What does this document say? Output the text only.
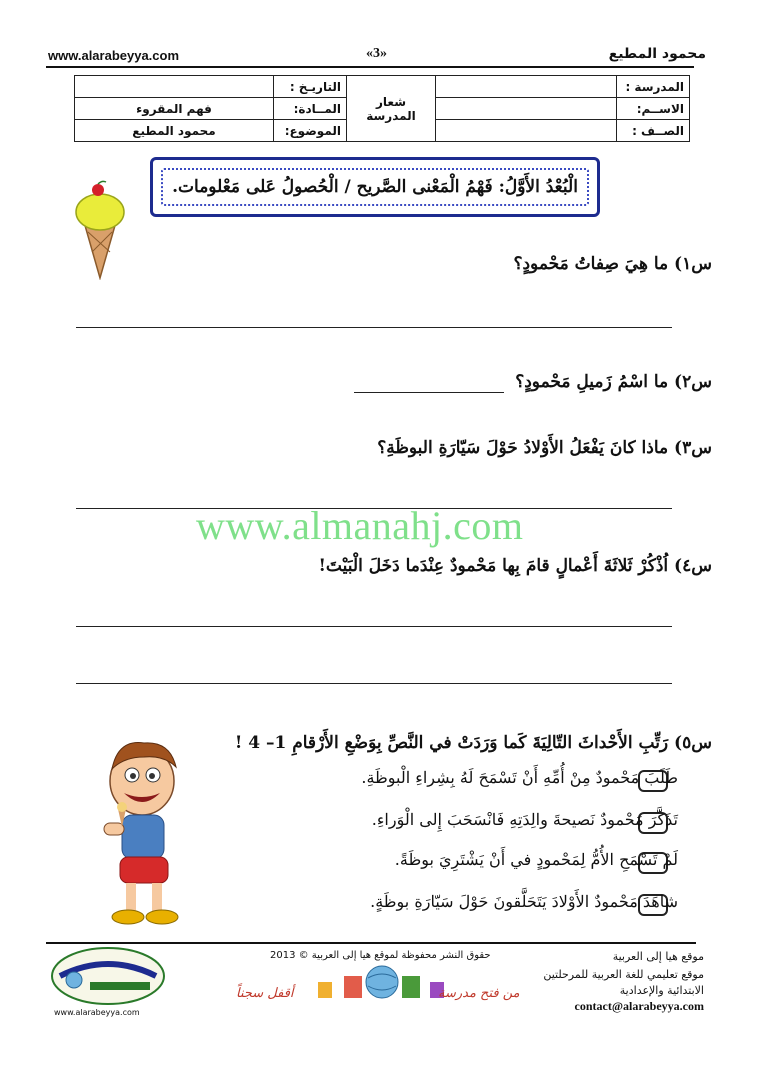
www.alarabeyya.com	«3»	محمود المطيع
المدرسة :		شعار المدرسة	التاريـخ :	
الاســم:			المــادة:	فهم المقروء
الصــف :			الموضوع:	محمود المطيع
الْبُعْدُ الأَوَّلُ: فَهْمُ الْمَعْنى الصَّريح / الْحُصولُ عَلى مَعْلومات.
س١) ما هِيَ صِفاتُ مَحْمودٍ؟
س٢) ما اسْمُ زَميلِ مَحْمودٍ؟
س٣) ماذا كانَ يَفْعَلُ الأَوْلادُ حَوْلَ سَيّارَةِ البوظَةِ؟
www.almanahj.com
س٤) اُذْكُرْ ثَلاثَةَ أَعْمالٍ قامَ بِها مَحْمودٌ عِنْدَما دَخَلَ الْبَيْتَ!
س٥) رَتِّبِ الأَحْداثَ التّالِيَةَ كَما وَرَدَتْ في النَّصِّ بِوَضْعِ الأَرْقامِ 1– 4 !
طَلَبَ مَحْمودٌ مِنْ أُمِّهِ أَنْ تَسْمَحَ لَهُ بِشِراءِ الْبوظَةِ.
تَذَكَّرَ مَحْمودٌ نَصيحةَ والِدَتِهِ فَانْسَحَبَ إِلى الْوَراءِ.
لَمْ تَسْمَحِ الأُمُّ لِمَحْمودٍ في أَنْ يَشْتَرِيَ بوظَةً.
شاهَدَ مَحْمودٌ الأَوْلادَ يَتَحَلَّقونَ حَوْلَ سَيّارَةِ بوظَةٍ.
حقوق النشر محفوظة لموقع هيا إلى العربية © 2013	موقع هيا إلى العربية
موقع تعليمي للغة العربية للمرحلتين
الابتدائية والإعدادية
contact@alarabeyya.com
من فتح مدرسة
أقفل سجناً
www.alarabeyya.com
